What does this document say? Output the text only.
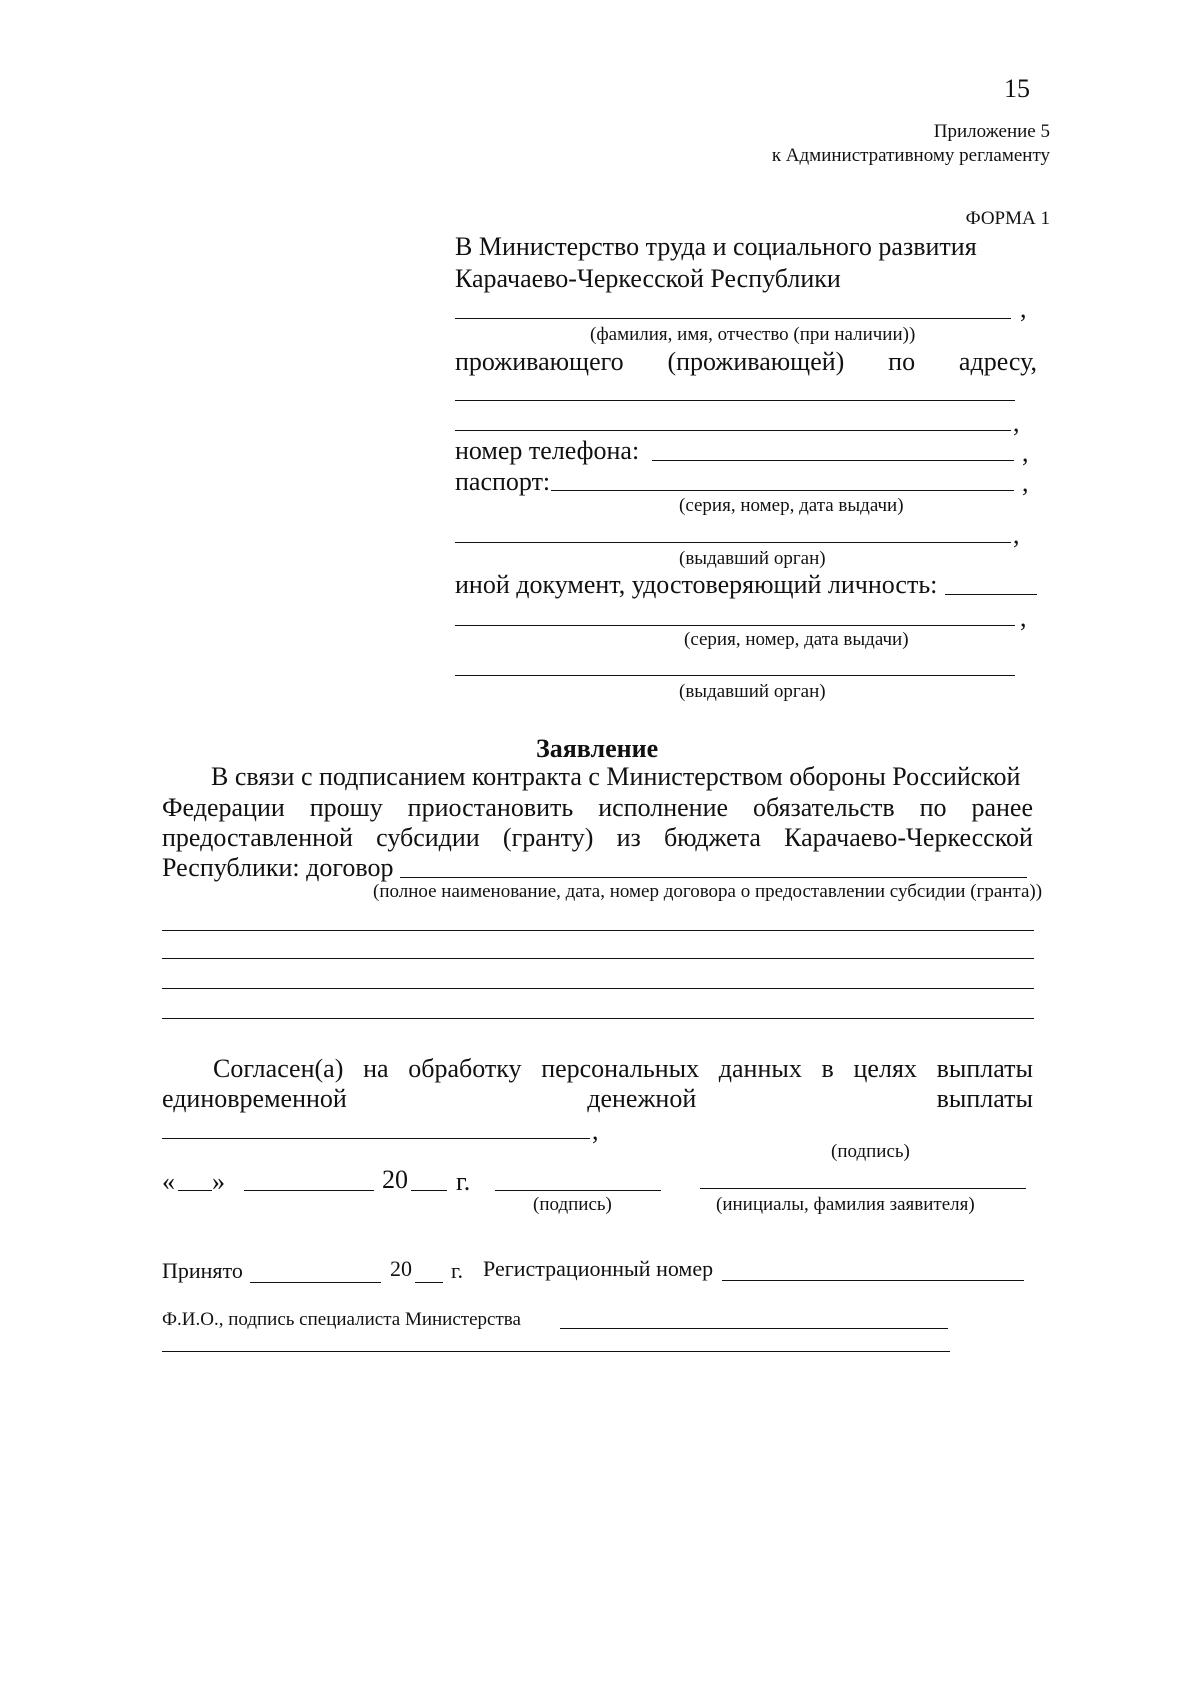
15
Приложение 5
к Административному регламенту
ФОРМА 1
В Министерство труда и социального развития
Карачаево-Черкесской Республики
,
(фамилия, имя, отчество (при наличии))
проживающего (проживающей) по адресу,
,
номер телефона:	,
паспорт:	,
(серия, номер, дата выдачи)
,
(выдавший орган)
иной документ, удостоверяющий личность:
,
(серия, номер, дата выдачи)
(выдавший орган)
Заявление
В связи с подписанием контракта с Министерством обороны Российской
Федерации прошу приостановить исполнение обязательств по ранее
предоставленной субсидии (гранту) из бюджета Карачаево-Черкесской
Республики: договор
(полное наименование, дата, номер договора о предоставлении субсидии (гранта))
Согласен(а) на обработку персональных данных в целях выплаты
единовременной	денежной	выплаты
,
(подпись)
« »	20 г.
(подпись)	(инициалы, фамилия заявителя)
Принято	20 г. Регистрационный номер
Ф.И.О., подпись специалиста Министерства
